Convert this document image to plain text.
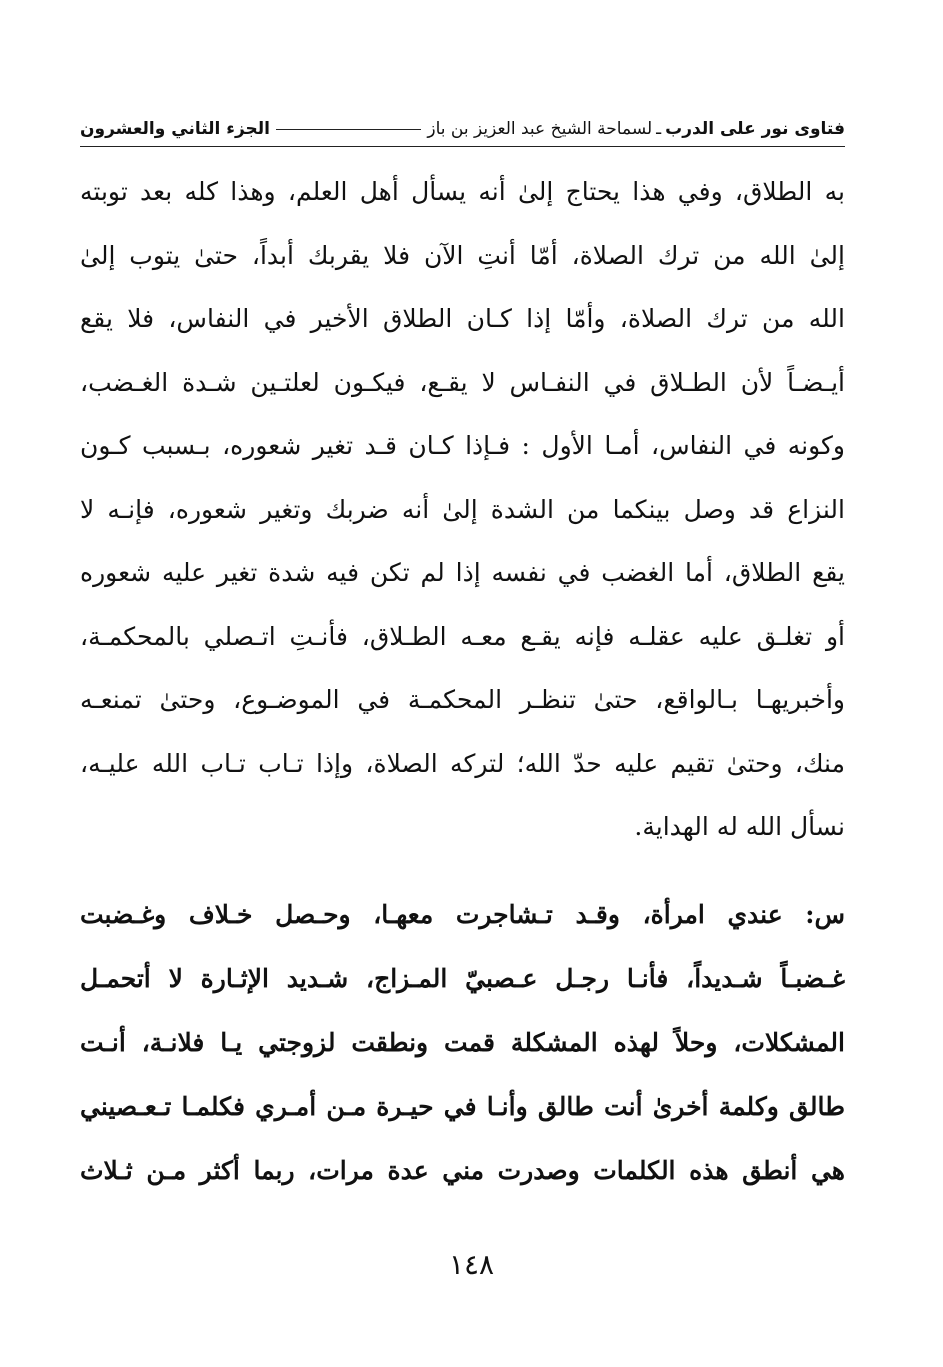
فتاوى نور على الدرب
ـ
لسماحة الشيخ عبد العزيز بن باز
الجزء الثاني والعشرون
به الطلاق، وفي هذا يحتاج إلىٰ أنه يسأل أهل العلم، وهذا كله بعد توبته
إلىٰ الله من ترك الصلاة، أمّا أنتِ الآن فلا يقربك أبداً، حتىٰ يتوب إلىٰ
الله من ترك الصلاة، وأمّا إذا كـان الطلاق الأخير في النفاس، فلا يقع
أيـضـاً لأن الطـلاق في النفـاس لا يقـع، فيكـون لعلتـين شـدة الغـضب،
وكونه في النفاس، أمـا الأول : فـإذا كـان قـد تغير شعوره، بـسبب كـون
النزاع قد وصل بينكما من الشدة إلىٰ أنه ضربك وتغير شعوره، فإنـه لا
يقع الطلاق، أما الغضب في نفسه إذا لم تكن فيه شدة تغير عليه شعوره
أو تغلـق عليه عقلـه فإنه يقـع معـه الطـلاق، فأنـتِ اتـصلي بالمحكمـة،
وأخبريهـا بـالواقع، حتىٰ تنظـر المحكمـة في الموضـوع، وحتىٰ تمنعـه
منك، وحتىٰ تقيم عليه حدّ الله؛ لتركه الصلاة، وإذا تـاب تـاب الله عليـه،
نسأل الله له الهداية.
س: عندي امرأة، وقـد تـشاجرت معهـا، وحـصل خـلاف وغـضبت
غـضبـاً شـديداً، فأنـا رجـل عـصبيّ المـزاج، شـديد الإثـارة لا أتحمـل
المشكلات، وحلاً لهذه المشكلة قمت ونطقت لزوجتي يـا فلانـة، أنـت
طالق وكلمة أخرىٰ أنت طالق وأنـا في حيـرة مـن أمـري فكلمـا تـعـصيني
هي أنطق هذه الكلمات وصدرت مني عدة مرات، ربما أكثر مـن ثـلاث
١٤٨
